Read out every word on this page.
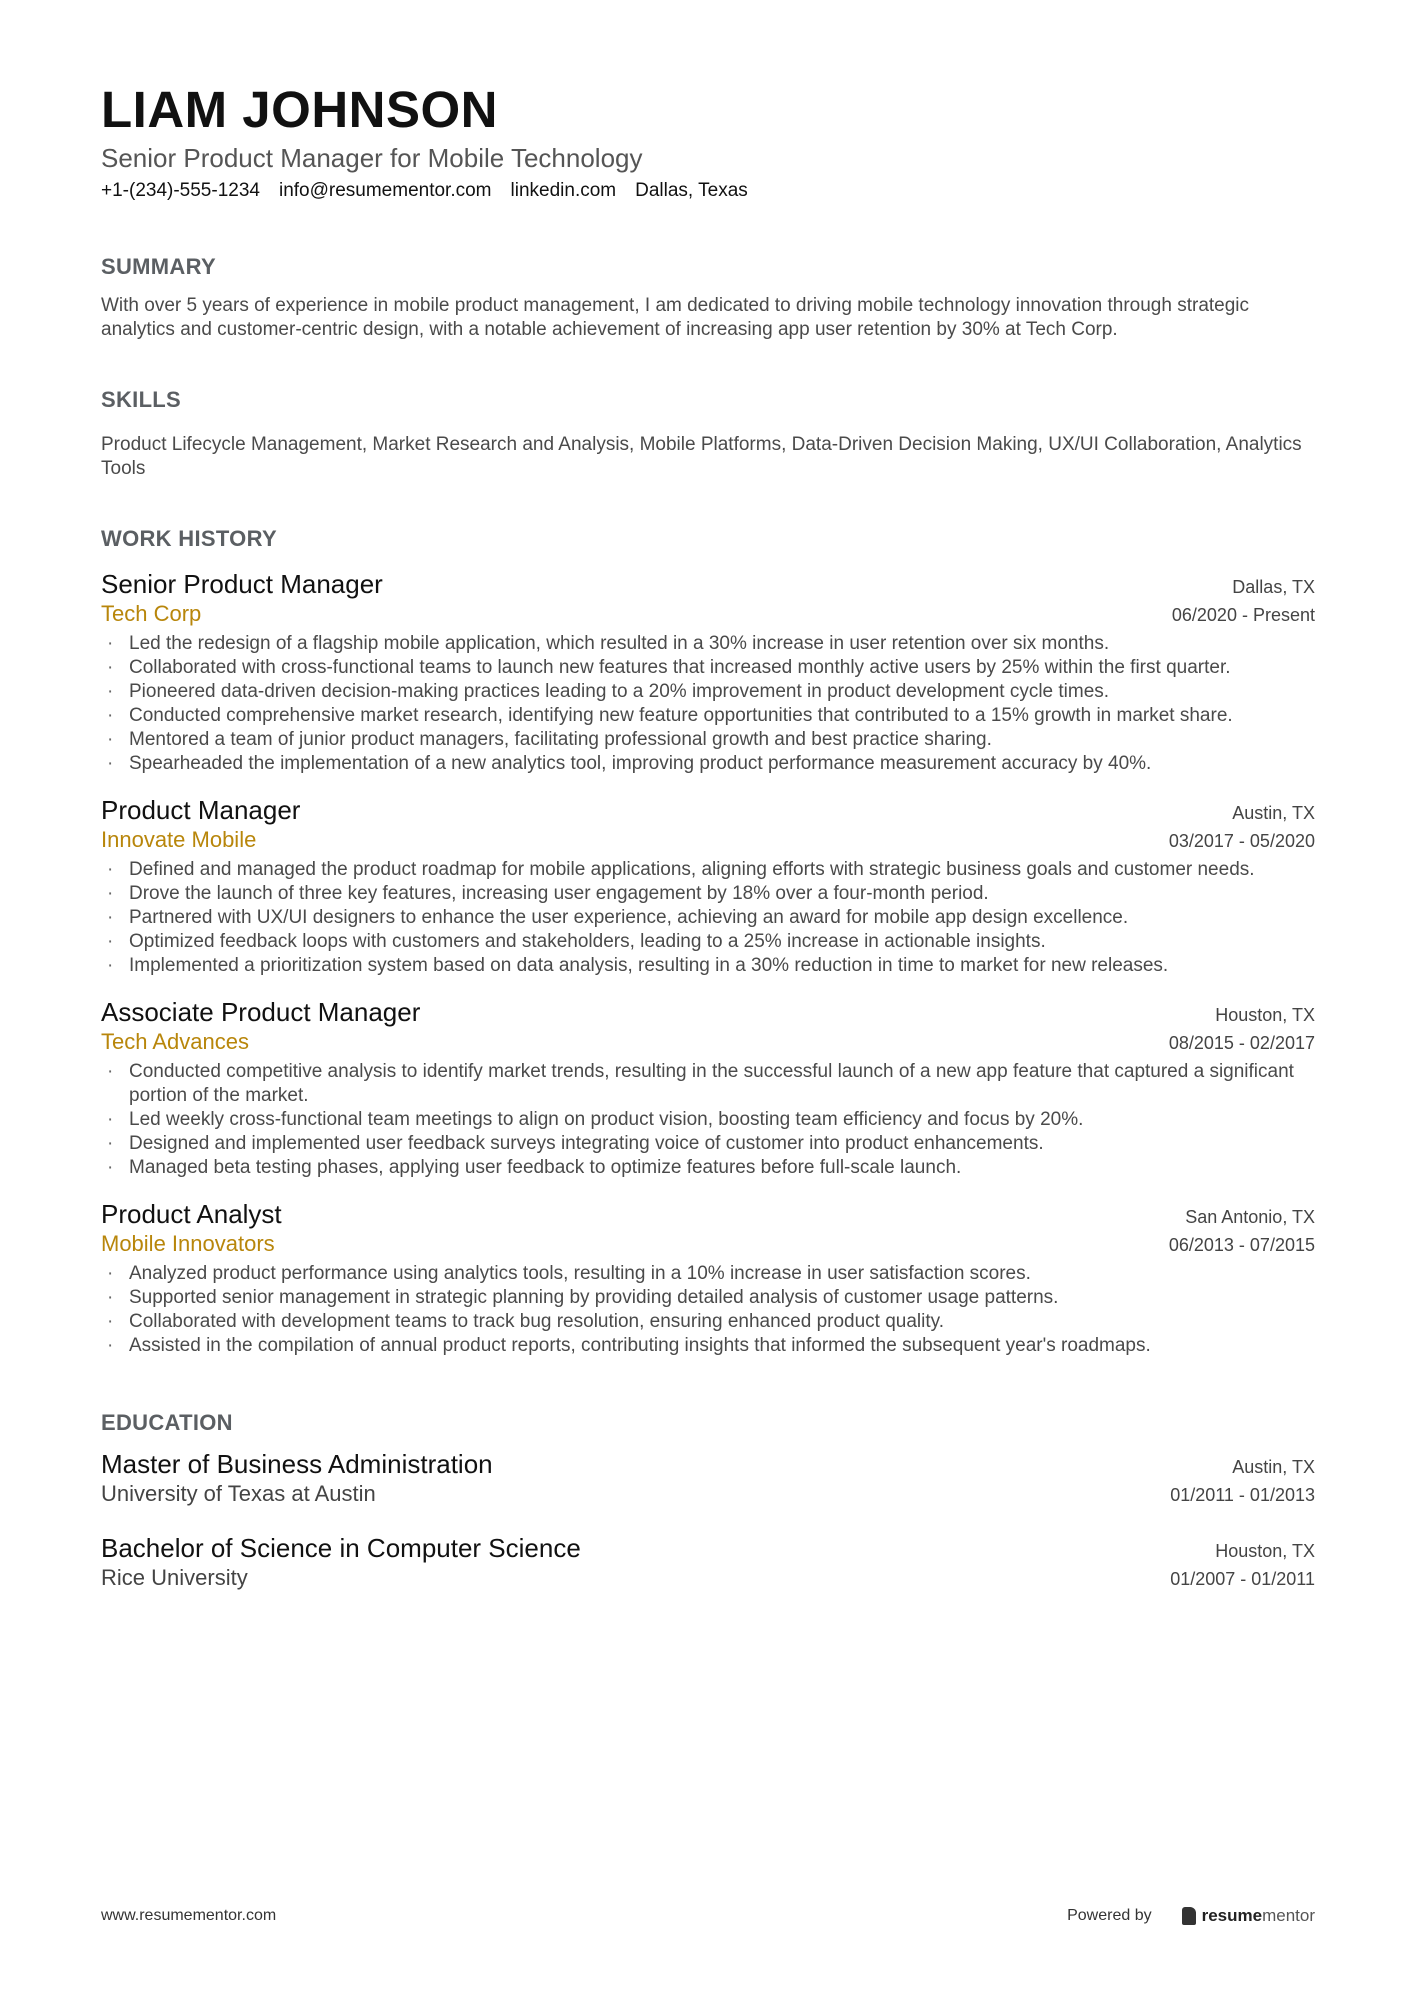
LIAM JOHNSON
Senior Product Manager for Mobile Technology
+1-(234)-555-1234 info@resumementor.com linkedin.com Dallas, Texas
SUMMARY
With over 5 years of experience in mobile product management, I am dedicated to driving mobile technology innovation through strategic analytics and customer-centric design, with a notable achievement of increasing app user retention by 30% at Tech Corp.
SKILLS
Product Lifecycle Management, Market Research and Analysis, Mobile Platforms, Data-Driven Decision Making, UX/UI Collaboration, Analytics Tools
WORK HISTORY
Senior Product Manager	Dallas, TX
Tech Corp	06/2020 - Present
· Led the redesign of a flagship mobile application, which resulted in a 30% increase in user retention over six months.
· Collaborated with cross-functional teams to launch new features that increased monthly active users by 25% within the first quarter.
· Pioneered data-driven decision-making practices leading to a 20% improvement in product development cycle times.
· Conducted comprehensive market research, identifying new feature opportunities that contributed to a 15% growth in market share.
· Mentored a team of junior product managers, facilitating professional growth and best practice sharing.
· Spearheaded the implementation of a new analytics tool, improving product performance measurement accuracy by 40%.
Product Manager	Austin, TX
Innovate Mobile	03/2017 - 05/2020
· Defined and managed the product roadmap for mobile applications, aligning efforts with strategic business goals and customer needs.
· Drove the launch of three key features, increasing user engagement by 18% over a four-month period.
· Partnered with UX/UI designers to enhance the user experience, achieving an award for mobile app design excellence.
· Optimized feedback loops with customers and stakeholders, leading to a 25% increase in actionable insights.
· Implemented a prioritization system based on data analysis, resulting in a 30% reduction in time to market for new releases.
Associate Product Manager	Houston, TX
Tech Advances	08/2015 - 02/2017
· Conducted competitive analysis to identify market trends, resulting in the successful launch of a new app feature that captured a significant portion of the market.
· Led weekly cross-functional team meetings to align on product vision, boosting team efficiency and focus by 20%.
· Designed and implemented user feedback surveys integrating voice of customer into product enhancements.
· Managed beta testing phases, applying user feedback to optimize features before full-scale launch.
Product Analyst	San Antonio, TX
Mobile Innovators	06/2013 - 07/2015
· Analyzed product performance using analytics tools, resulting in a 10% increase in user satisfaction scores.
· Supported senior management in strategic planning by providing detailed analysis of customer usage patterns.
· Collaborated with development teams to track bug resolution, ensuring enhanced product quality.
· Assisted in the compilation of annual product reports, contributing insights that informed the subsequent year's roadmaps.
EDUCATION
Master of Business Administration	Austin, TX
University of Texas at Austin	01/2011 - 01/2013
Bachelor of Science in Computer Science	Houston, TX
Rice University	01/2007 - 01/2011
www.resumementor.com	Powered by	resumementor
